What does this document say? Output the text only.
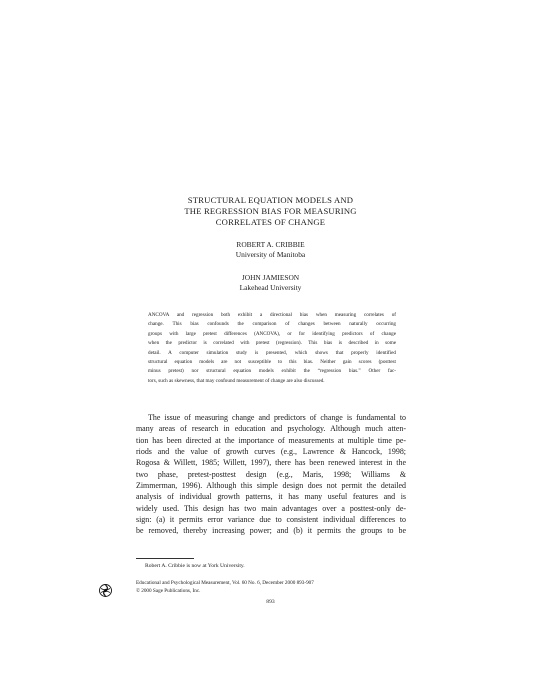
STRUCTURAL EQUATION MODELS AND
THE REGRESSION BIAS FOR MEASURING
CORRELATES OF CHANGE
ROBERT A. CRIBBIE
University of Manitoba
JOHN JAMIESON
Lakehead University
ANCOVA and regression both exhibit a directional bias when measuring correlates of
change. This bias confounds the comparison of changes between naturally occurring
groups with large pretest differences (ANCOVA), or for identifying predictors of change
when the predictor is correlated with pretest (regression). This bias is described in some
detail. A computer simulation study is presented, which shows that properly identified
structural equation models are not susceptible to this bias. Neither gain scores (posttest
minus pretest) nor structural equation models exhibit the “regression bias.” Other fac-
tors, such as skewness, that may confound measurement of change are also discussed.
The issue of measuring change and predictors of change is fundamental to
many areas of research in education and psychology. Although much atten-
tion has been directed at the importance of measurements at multiple time pe-
riods and the value of growth curves (e.g., Lawrence & Hancock, 1998;
Rogosa & Willett, 1985; Willett, 1997), there has been renewed interest in the
two phase, pretest-posttest design (e.g., Maris, 1998; Williams &
Zimmerman, 1996). Although this simple design does not permit the detailed
analysis of individual growth patterns, it has many useful features and is
widely used. This design has two main advantages over a posttest-only de-
sign: (a) it permits error variance due to consistent individual differences to
be removed, thereby increasing power; and (b) it permits the groups to be
Robert A. Cribbie is now at York University.
Educational and Psychological Measurement, Vol. 60 No. 6, December 2000 893-907
© 2000 Sage Publications, Inc.
893
